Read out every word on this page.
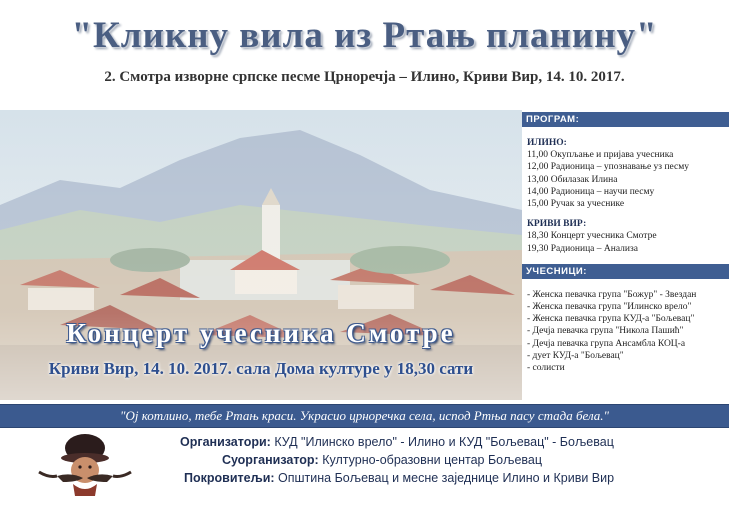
"Кликну вила из Ртањ планину"
2. Смотра изворне српске песме Црноречја – Илино, Криви Вир, 14. 10. 2017.
Концерт учесника Смотре
Криви Вир, 14. 10. 2017. сала Дома културе у 18,30 сати
ПРОГРАМ:
ИЛИНО:
11,00 Окупљање и пријава учесника
12,00 Радионица – упознавање уз песму
13,00 Обилазак Илина
14,00 Радионица – научи песму
15,00 Ручак за учеснике
КРИВИ ВИР:
18,30 Концерт учесника Смотре
19,30 Радионица – Анализа
УЧЕСНИЦИ:
- Женска певачка група "Божур" - Звездан
- Женска певачка група "Илинско врело"
- Женска певачка група КУД-а "Бољевац"
- Дечја певачка група "Никола Пашић"
- Дечја певачка група Ансамбла КОЦ-а
- дует КУД-а "Бољевац"
- солисти
"Ој котлино, тебе Ртањ краси. Украсио црноречка села, испод Ртња пасу стада бела."
Организатори: КУД "Илинско врело" - Илино и КУД "Бољевац" - Бољевац
Суорганизатор: Културно-образовни центар Бољевац
Покровитељи: Општина Бољевац и месне заједнице Илино и Криви Вир
